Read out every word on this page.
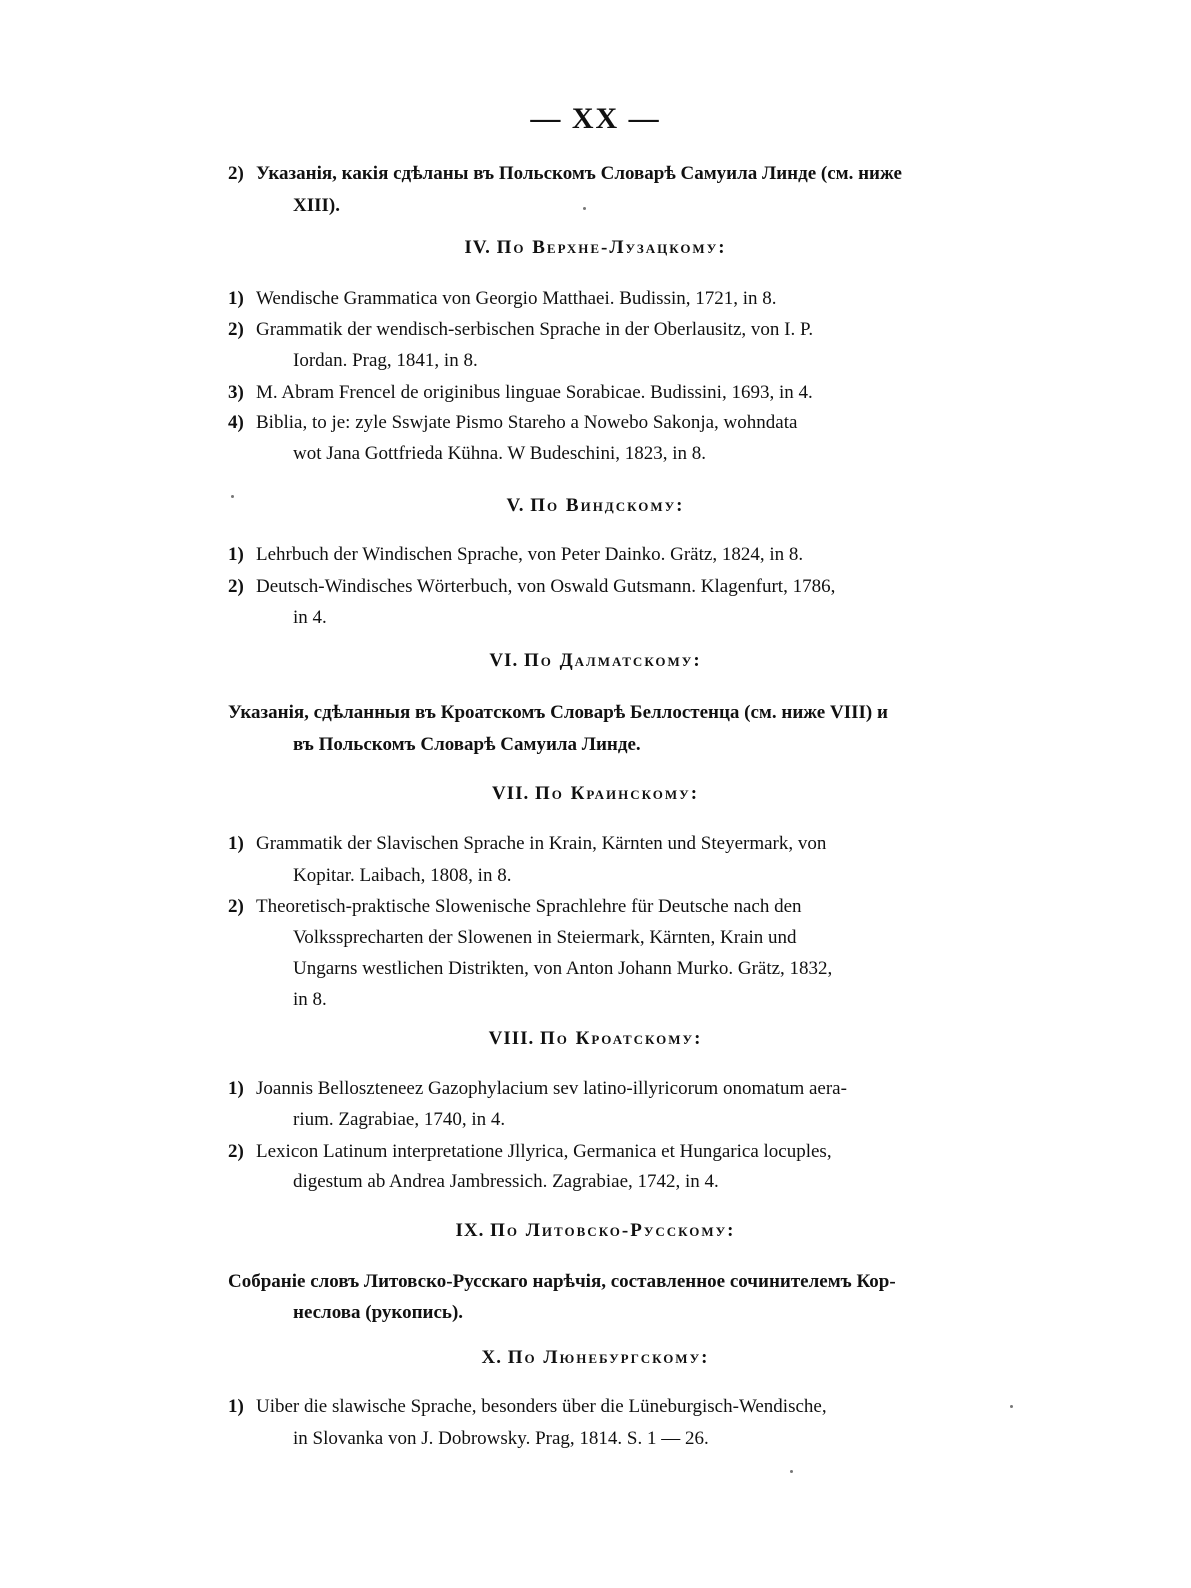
— XX —
2) Указанія, какія сдѣланы въ Польскомъ Словарѣ Самуила Линде (см. ниже
XIII).
IV. По Верхне-Лузацкому:
1) Wendische Grammatica von Georgio Matthaei. Budissin, 1721, in 8.
2) Grammatik der wendisch-serbischen Sprache in der Oberlausitz, von I. P.
Iordan. Prag, 1841, in 8.
3) M. Abram Frencel de originibus linguae Sorabicae. Budissini, 1693, in 4.
4) Biblia, to je: zyle Sswjate Pismo Stareho a Nowebo Sakonja, wohndata
wot Jana Gottfrieda Kühna. W Budeschini, 1823, in 8.
V. По Виндскому:
1) Lehrbuch der Windischen Sprache, von Peter Dainko. Grätz, 1824, in 8.
2) Deutsch-Windisches Wörterbuch, von Oswald Gutsmann. Klagenfurt, 1786,
in 4.
VI. По Далматскому:
Указанія, сдѣланныя въ Кроатскомъ Словарѣ Беллостенца (см. ниже VIII) и
въ Польскомъ Словарѣ Самуила Линде.
VII. По Краинскому:
1) Grammatik der Slavischen Sprache in Krain, Kärnten und Steyermark, von
Kopitar. Laibach, 1808, in 8.
2) Theoretisch-praktische Slowenische Sprachlehre für Deutsche nach den
Volkssprecharten der Slowenen in Steiermark, Kärnten, Krain und
Ungarns westlichen Distrikten, von Anton Johann Murko. Grätz, 1832,
in 8.
VIII. По Кроатскому:
1) Joannis Belloszteneez Gazophylacium sev latino-illyricorum onomatum aera-
rium. Zagrabiae, 1740, in 4.
2) Lexicon Latinum interpretatione Jllyrica, Germanica et Hungarica locuples,
digestum ab Andrea Jambressich. Zagrabiae, 1742, in 4.
IX. По Литовско-Русскому:
Собраніе словъ Литовско-Русскаго нарѣчія, составленное сочинителемъ Кор-
неслова (рукопись).
X. По Люнебургскому:
1) Uiber die slawische Sprache, besonders über die Lüneburgisch-Wendische,
in Slovanka von J. Dobrowsky. Prag, 1814. S. 1 — 26.
